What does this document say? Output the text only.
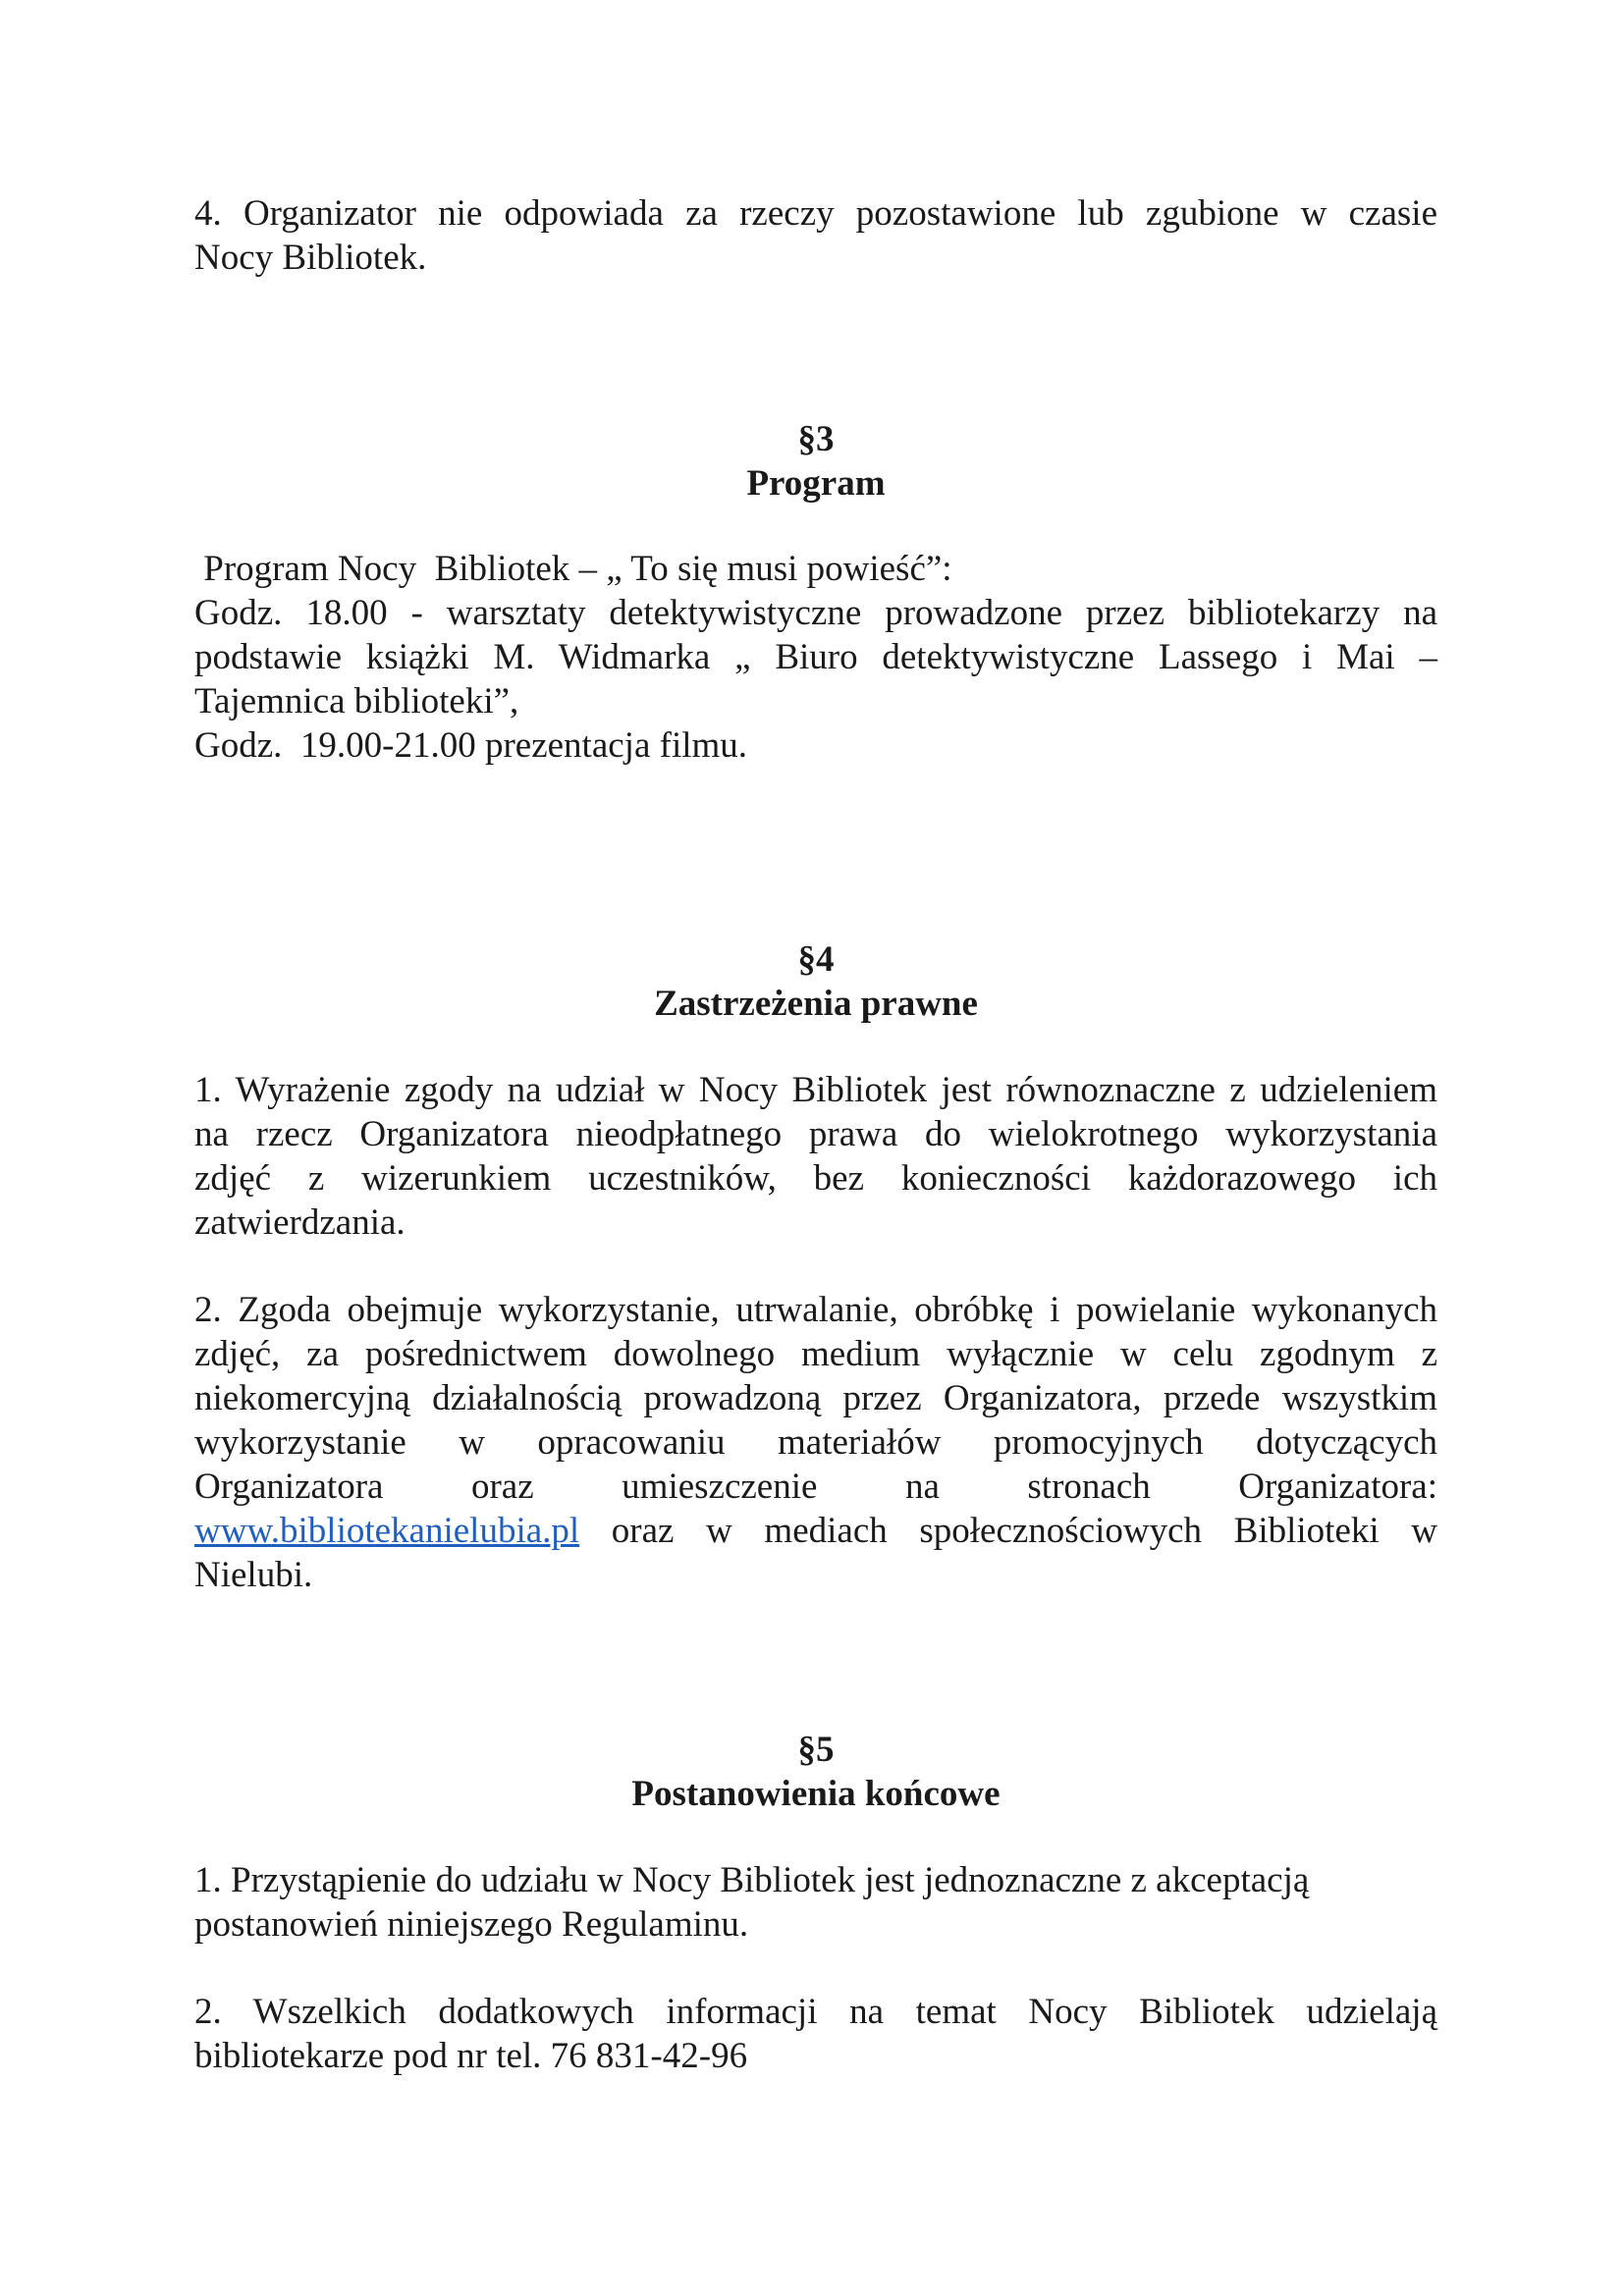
4. Organizator nie odpowiada za rzeczy pozostawione lub zgubione w czasie
Nocy Bibliotek.

§3

Program

Program Nocy  Bibliotek – „ To się musi powieść”:
Godz. 18.00 - warsztaty detektywistyczne prowadzone przez bibliotekarzy na
podstawie książki M. Widmarka „ Biuro detektywistyczne Lassego i Mai –
Tajemnica biblioteki”,
Godz.  19.00-21.00 prezentacja filmu.

§4

Zastrzeżenia prawne

1. Wyrażenie zgody na udział w Nocy Bibliotek jest równoznaczne z udzieleniem
na rzecz Organizatora nieodpłatnego prawa do wielokrotnego wykorzystania
zdjęć z wizerunkiem uczestników, bez konieczności każdorazowego ich
zatwierdzania.
2. Zgoda obejmuje wykorzystanie, utrwalanie, obróbkę i powielanie wykonanych
zdjęć, za pośrednictwem dowolnego medium wyłącznie w celu zgodnym z
niekomercyjną działalnością prowadzoną przez Organizatora, przede wszystkim
wykorzystanie w opracowaniu materiałów promocyjnych dotyczących
Organizatora oraz umieszczenie na stronach Organizatora:
www.bibliotekanielubia.pl oraz w mediach społecznościowych Biblioteki w
Nielubi.

§5

Postanowienia końcowe

1. Przystąpienie do udziału w Nocy Bibliotek jest jednoznaczne z akceptacją
postanowień niniejszego Regulaminu.
2. Wszelkich dodatkowych informacji na temat Nocy Bibliotek udzielają
bibliotekarze pod nr tel. 76 831-42-96
